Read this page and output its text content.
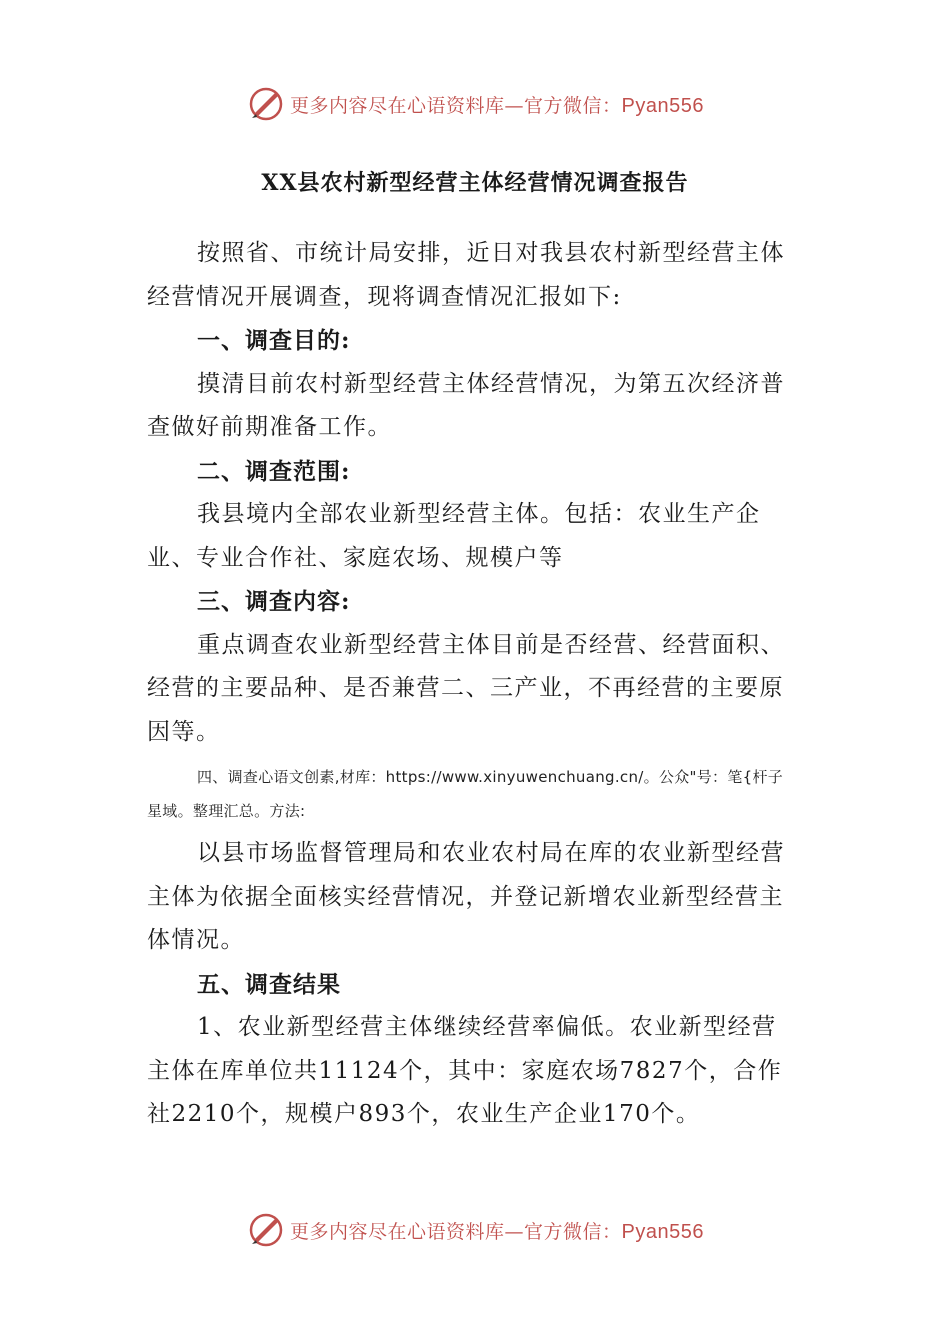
更多内容尽在心语资料库—官方微信：Pyan556
XX县农村新型经营主体经营情况调查报告

按照省、市统计局安排，近日对我县农村新型经营主体经营情况开展调查，现将调查情况汇报如下:

一、调查目的:

摸清目前农村新型经营主体经营情况，为第五次经济普查做好前期准备工作。

二、调查范围:

我县境内全部农业新型经营主体。包括：农业生产企业、专业合作社、家庭农场、规模户等

三、调查内容:

重点调查农业新型经营主体目前是否经营、经营面积、经营的主要品种、是否兼营二、三产业，不再经营的主要原因等。

四、调查心语文创素,材库：https://www.xinyuwenchuang.cn/。公众"号：笔{杆子星域。整理汇总。方法:

以县市场监督管理局和农业农村局在库的农业新型经营主体为依据全面核实经营情况，并登记新增农业新型经营主体情况。

五、调查结果

1、农业新型经营主体继续经营率偏低。农业新型经营主体在库单位共11124个，其中：家庭农场7827个，合作社2210个，规模户893个，农业生产企业170个。

更多内容尽在心语资料库—官方微信：Pyan556
